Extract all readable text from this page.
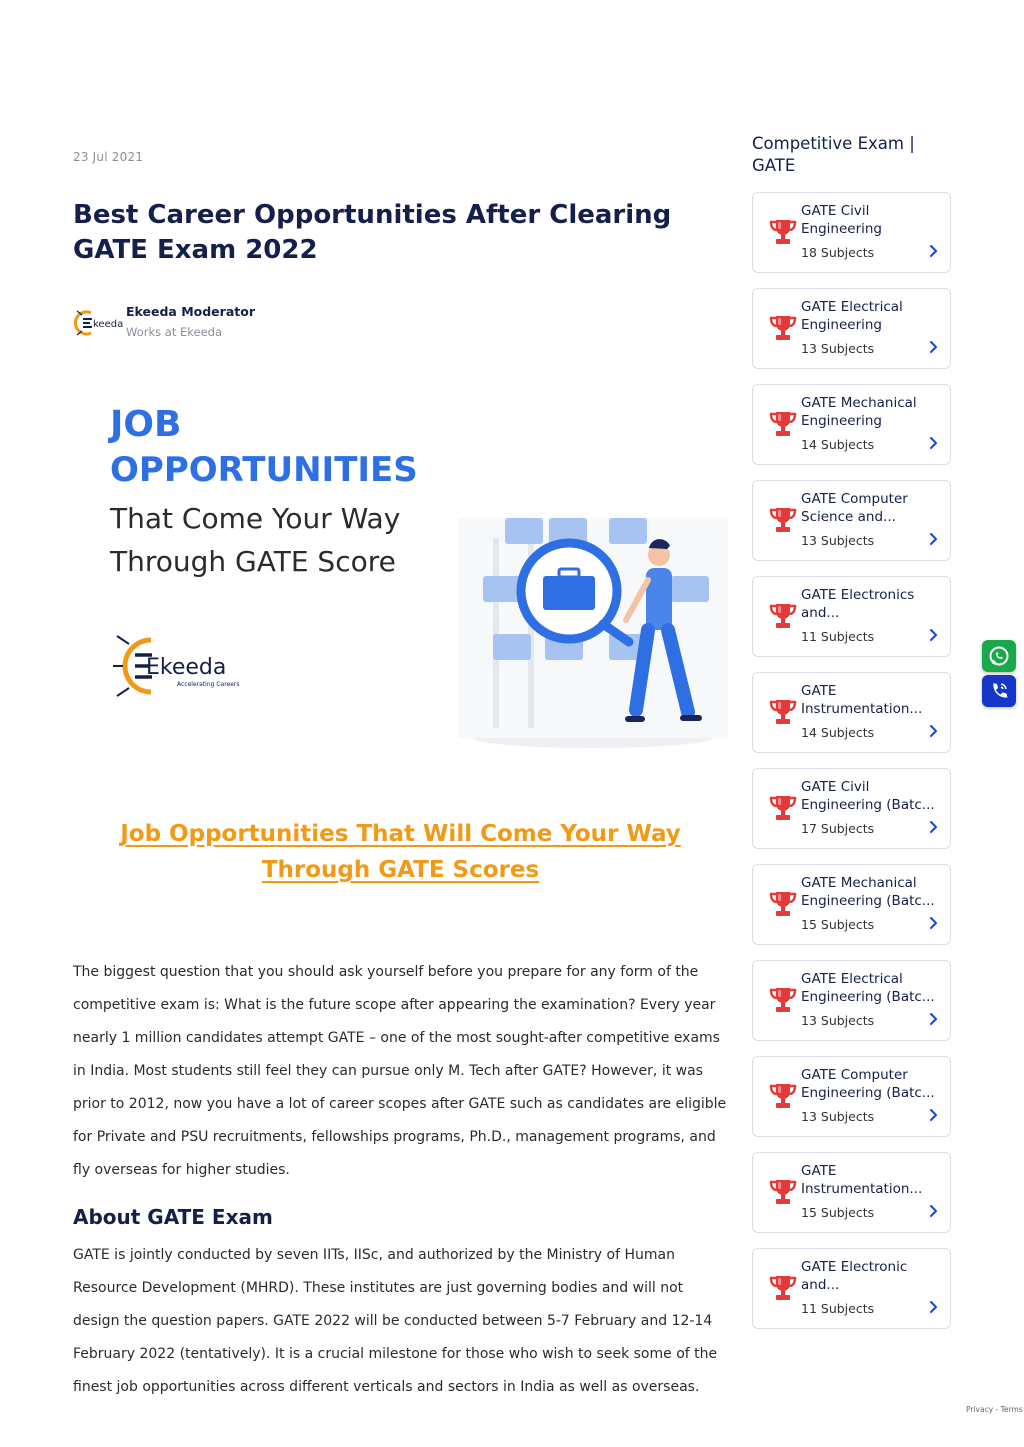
23 Jul 2021
Best Career Opportunities After Clearing GATE Exam 2022
keeda
Ekeeda Moderator
Works at Ekeeda
JOB
OPPORTUNITIES
That Come Your Way
Through GATE Score
Ekeeda
Accelerating Careers
Job Opportunities That Will Come Your Way Through GATE Scores

The biggest question that you should ask yourself before you prepare for any form of the competitive exam is: What is the future scope after appearing the examination? Every year nearly 1 million candidates attempt GATE – one of the most sought-after competitive exams in India. Most students still feel they can pursue only M. Tech after GATE? However, it was prior to 2012, now you have a lot of career scopes after GATE such as candidates are eligible for Private and PSU recruitments, fellowships programs, Ph.D., management programs, and fly overseas for higher studies.

About GATE Exam

GATE is jointly conducted by seven IITs, IISc, and authorized by the Ministry of Human Resource Development (MHRD). These institutes are just governing bodies and will not design the question papers. GATE 2022 will be conducted between 5-7 February and 12-14 February 2022 (tentatively). It is a crucial milestone for those who wish to seek some of the finest job opportunities across different verticals and sectors in India as well as overseas.

Competitive Exam | GATE
GATE Civil Engineering
18 Subjects
GATE Electrical Engineering
13 Subjects
GATE Mechanical Engineering
14 Subjects
GATE Computer Science and...
13 Subjects
GATE Electronics and...
11 Subjects
GATE Instrumentation...
14 Subjects
GATE Civil Engineering (Batc...
17 Subjects
GATE Mechanical Engineering (Batc...
15 Subjects
GATE Electrical Engineering (Batc...
13 Subjects
GATE Computer Engineering (Batc...
13 Subjects
GATE Instrumentation...
15 Subjects
GATE Electronic and...
11 Subjects
Privacy - Terms
